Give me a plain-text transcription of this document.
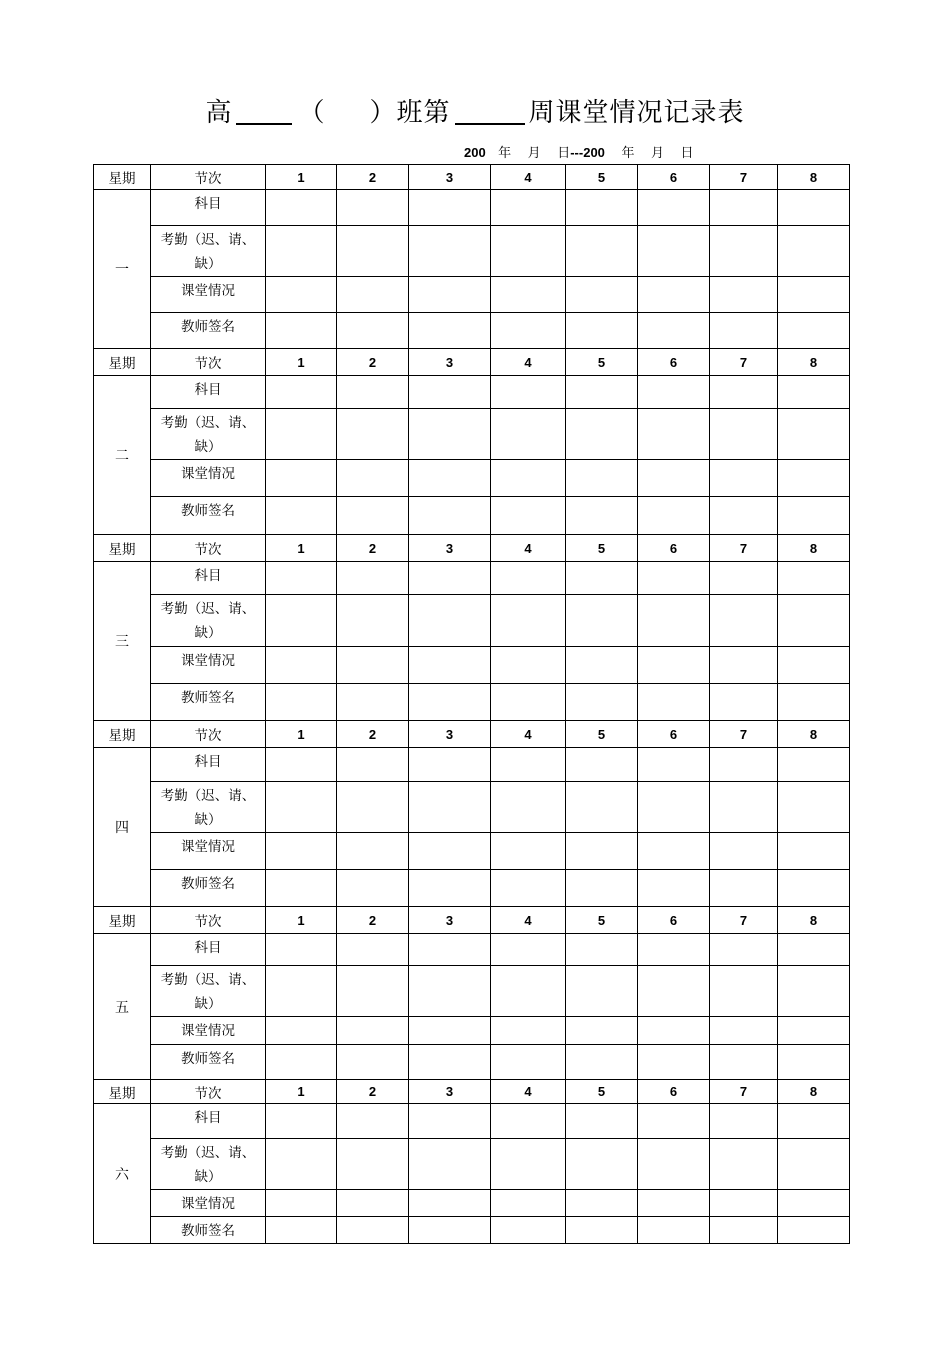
高	（ ）班第	周课堂情况记录表
200 年 月 日---200 年 月 日
星期	节次	1	2	3	4	5	6	7	8
一	科目								

	考勤（迟、请、
缺）								

	课堂情况								
	教师签名								
星期	节次	1	2	3	4	5	6	7	8
二	科目								

	考勤（迟、请、
缺）								

	课堂情况								
	教师签名								
星期	节次	1	2	3	4	5	6	7	8
三	科目								

	考勤（迟、请、
缺）								

	课堂情况								
	教师签名								
星期	节次	1	2	3	4	5	6	7	8
四	科目								

	考勤（迟、请、
缺）								

	课堂情况								
	教师签名								
星期	节次	1	2	3	4	5	6	7	8
五	科目								

	考勤（迟、请、
缺）								

	课堂情况								
	教师签名								
星期	节次	1	2	3	4	5	6	7	8
六	科目								

	考勤（迟、请、
缺）								

	课堂情况								
	教师签名								
